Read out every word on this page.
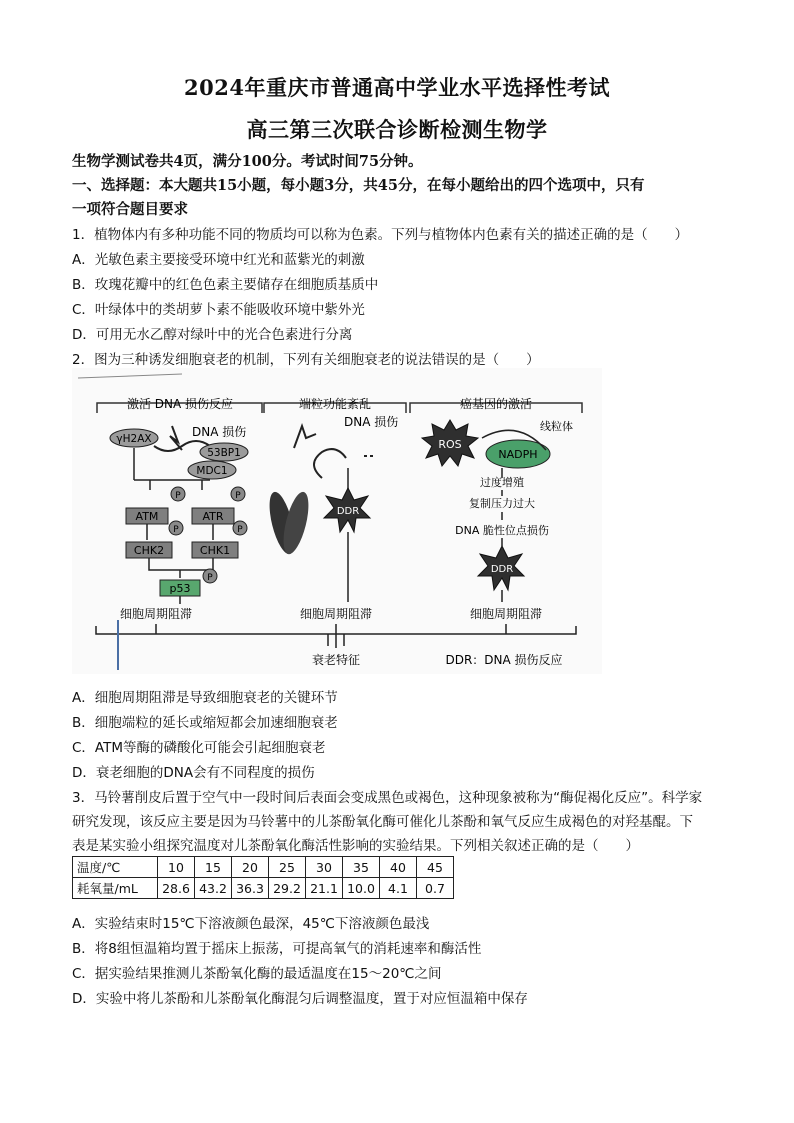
2024年重庆市普通高中学业水平选择性考试
高三第三次联合诊断检测生物学
生物学测试卷共4页，满分100分。考试时间75分钟。
一、选择题：本大题共15小题，每小题3分，共45分，在每小题给出的四个选项中，只有
一项符合题目要求
1．植物体内有多种功能不同的物质均可以称为色素。下列与植物体内色素有关的描述正确的是（　　）
A．光敏色素主要接受环境中红光和蓝紫光的刺激
B．玫瑰花瓣中的红色色素主要储存在细胞质基质中
C．叶绿体中的类胡萝卜素不能吸收环境中紫外光
D．可用无水乙醇对绿叶中的光合色素进行分离
2．图为三种诱发细胞衰老的机制，下列有关细胞衰老的说法错误的是（　　）
激活 DNA 损伤反应	端粒功能紊乱	癌基因的激活
DNA 损伤
γH2AX
53BP1
MDC1
P	P
ATM	ATR
P	P
CHK2	CHK1
P
p53
细胞周期阻滞
DNA 损伤
DDR
细胞周期阻滞
ROS
NADPH
线粒体
过度增殖
复制压力过大
DNA 脆性位点损伤
DDR
细胞周期阻滞
衰老特征	DDR：DNA 损伤反应
A．细胞周期阻滞是导致细胞衰老的关键环节
B．细胞端粒的延长或缩短都会加速细胞衰老
C．ATM等酶的磷酸化可能会引起细胞衰老
D．衰老细胞的DNA会有不同程度的损伤
3．马铃薯削皮后置于空气中一段时间后表面会变成黑色或褐色，这种现象被称为“酶促褐化反应”。科学家
研究发现，该反应主要是因为马铃薯中的儿茶酚氧化酶可催化儿茶酚和氧气反应生成褐色的对羟基醌。下
表是某实验小组探究温度对儿茶酚氧化酶活性影响的实验结果。下列相关叙述正确的是（　　）
温度/℃	10	15	20	25	30	35	40	45
耗氧量/mL	28.6	43.2	36.3	29.2	21.1	10.0	4.1	0.7
A．实验结束时15℃下溶液颜色最深，45℃下溶液颜色最浅
B．将8组恒温箱均置于摇床上振荡，可提高氧气的消耗速率和酶活性
C．据实验结果推测儿茶酚氧化酶的最适温度在15～20℃之间
D．实验中将儿茶酚和儿茶酚氧化酶混匀后调整温度，置于对应恒温箱中保存
